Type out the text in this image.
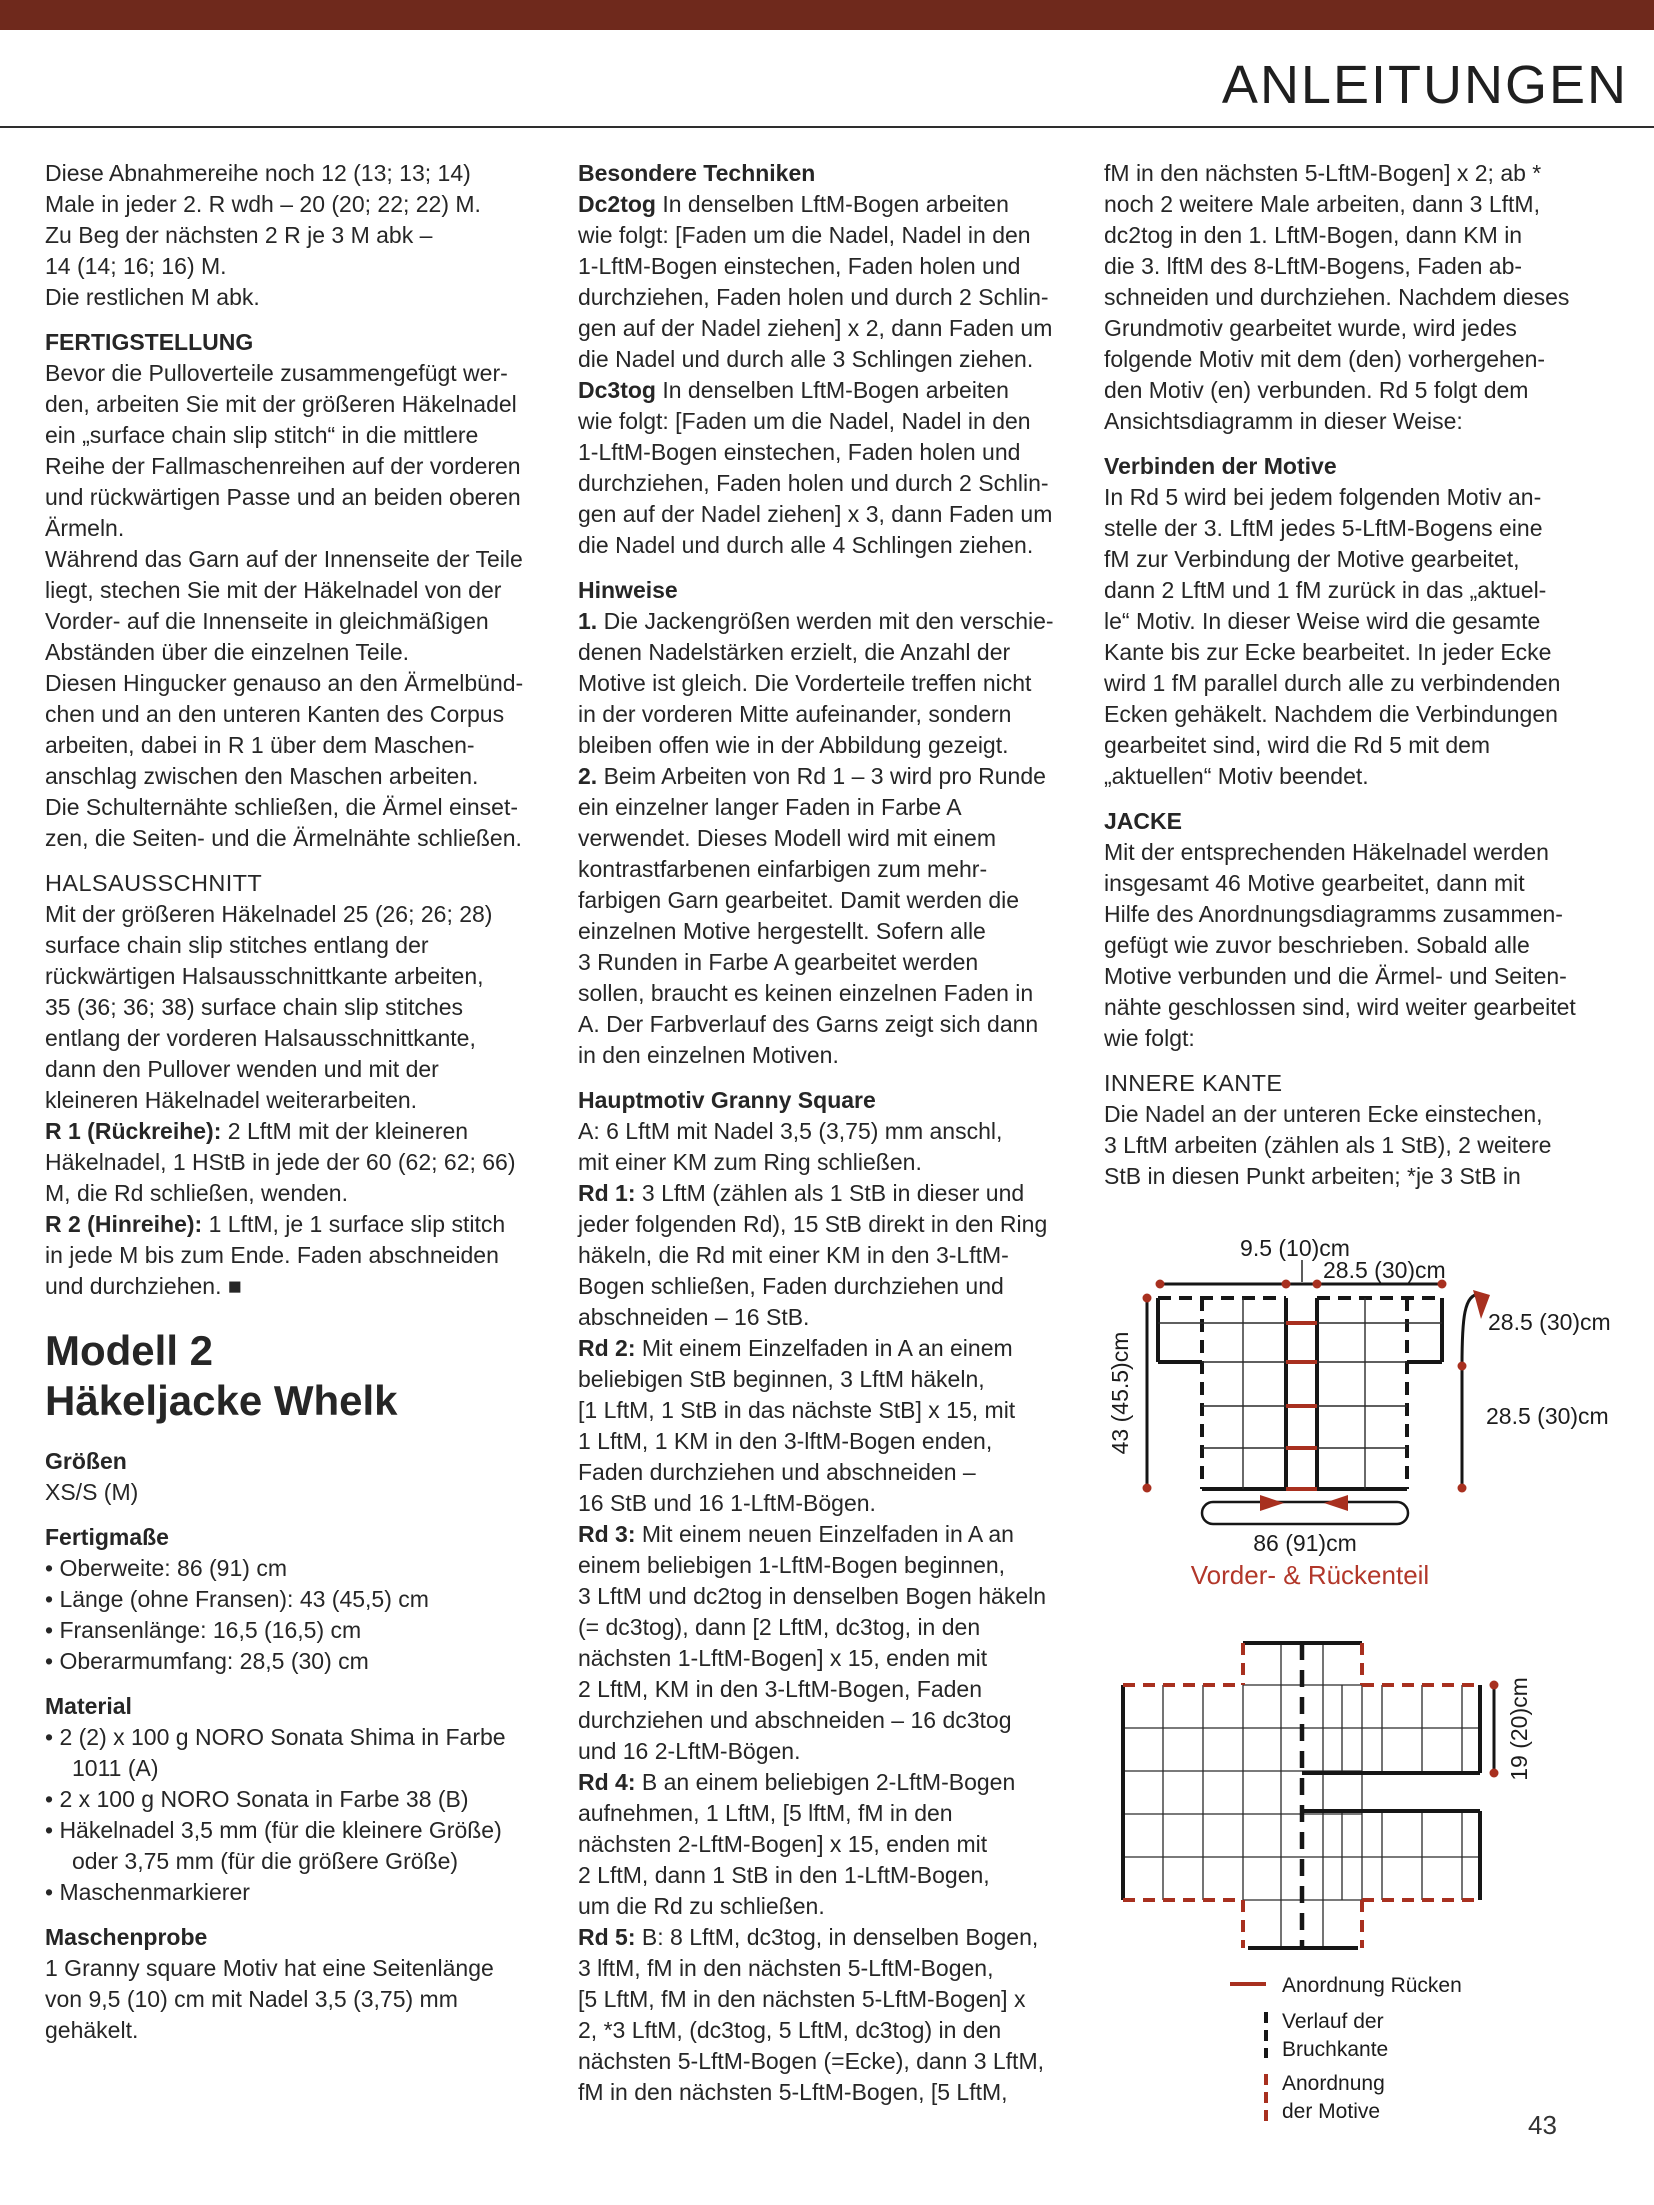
ANLEITUNGEN
Diese Abnahmereihe noch 12 (13; 13; 14)
Male in jeder 2. R wdh – 20 (20; 22; 22) M.
Zu Beg der nächsten 2 R je 3 M abk –
14 (14; 16; 16) M.
Die restlichen M abk.
FERTIGSTELLUNG
Bevor die Pulloverteile zusammengefügt wer-
den, arbeiten Sie mit der größeren Häkelnadel
ein „surface chain slip stitch“ in die mittlere
Reihe der Fallmaschenreihen auf der vorderen
und rückwärtigen Passe und an beiden oberen
Ärmeln.
Während das Garn auf der Innenseite der Teile
liegt, stechen Sie mit der Häkelnadel von der
Vorder- auf die Innenseite in gleichmäßigen
Abständen über die einzelnen Teile.
Diesen Hingucker genauso an den Ärmelbünd-
chen und an den unteren Kanten des Corpus
arbeiten, dabei in R 1 über dem Maschen-
anschlag zwischen den Maschen arbeiten.
Die Schulternähte schließen, die Ärmel einset-
zen, die Seiten- und die Ärmelnähte schließen.
HALSAUSSCHNITT
Mit der größeren Häkelnadel 25 (26; 26; 28)
surface chain slip stitches entlang der
rückwärtigen Halsausschnittkante arbeiten,
35 (36; 36; 38) surface chain slip stitches
entlang der vorderen Halsausschnittkante,
dann den Pullover wenden und mit der
kleineren Häkelnadel weiterarbeiten.
R 1 (Rückreihe): 2 LftM mit der kleineren
Häkelnadel, 1 HStB in jede der 60 (62; 62; 66)
M, die Rd schließen, wenden.
R 2 (Hinreihe): 1 LftM, je 1 surface slip stitch
in jede M bis zum Ende. Faden abschneiden
und durchziehen. ■
Modell 2
Häkeljacke Whelk
Größen
XS/S (M)
Fertigmaße
• Oberweite: 86 (91) cm
• Länge (ohne Fransen): 43 (45,5) cm
• Fransenlänge: 16,5 (16,5) cm
• Oberarmumfang: 28,5 (30) cm
Material
• 2 (2) x 100 g NORO Sonata Shima in Farbe
1011 (A)
• 2 x 100 g NORO Sonata in Farbe 38 (B)
• Häkelnadel 3,5 mm (für die kleinere Größe)
oder 3,75 mm (für die größere Größe)
• Maschenmarkierer
Maschenprobe
1 Granny square Motiv hat eine Seitenlänge
von 9,5 (10) cm mit Nadel 3,5 (3,75) mm
gehäkelt.
Besondere Techniken
Dc2tog In denselben LftM-Bogen arbeiten
wie folgt: [Faden um die Nadel, Nadel in den
1-LftM-Bogen einstechen, Faden holen und
durchziehen, Faden holen und durch 2 Schlin-
gen auf der Nadel ziehen] x 2, dann Faden um
die Nadel und durch alle 3 Schlingen ziehen.
Dc3tog In denselben LftM-Bogen arbeiten
wie folgt: [Faden um die Nadel, Nadel in den
1-LftM-Bogen einstechen, Faden holen und
durchziehen, Faden holen und durch 2 Schlin-
gen auf der Nadel ziehen] x 3, dann Faden um
die Nadel und durch alle 4 Schlingen ziehen.
Hinweise
1. Die Jackengrößen werden mit den verschie-
denen Nadelstärken erzielt, die Anzahl der
Motive ist gleich. Die Vorderteile treffen nicht
in der vorderen Mitte aufeinander, sondern
bleiben offen wie in der Abbildung gezeigt.
2. Beim Arbeiten von Rd 1 – 3 wird pro Runde
ein einzelner langer Faden in Farbe A
verwendet. Dieses Modell wird mit einem
kontrastfarbenen einfarbigen zum mehr-
farbigen Garn gearbeitet. Damit werden die
einzelnen Motive hergestellt. Sofern alle
3 Runden in Farbe A gearbeitet werden
sollen, braucht es keinen einzelnen Faden in
A. Der Farbverlauf des Garns zeigt sich dann
in den einzelnen Motiven.
Hauptmotiv Granny Square
A: 6 LftM mit Nadel 3,5 (3,75) mm anschl,
mit einer KM zum Ring schließen.
Rd 1: 3 LftM (zählen als 1 StB in dieser und
jeder folgenden Rd), 15 StB direkt in den Ring
häkeln, die Rd mit einer KM in den 3-LftM-
Bogen schließen, Faden durchziehen und
abschneiden – 16 StB.
Rd 2: Mit einem Einzelfaden in A an einem
beliebigen StB beginnen, 3 LftM häkeln,
[1 LftM, 1 StB in das nächste StB] x 15, mit
1 LftM, 1 KM in den 3-lftM-Bogen enden,
Faden durchziehen und abschneiden –
16 StB und 16 1-LftM-Bögen.
Rd 3: Mit einem neuen Einzelfaden in A an
einem beliebigen 1-LftM-Bogen beginnen,
3 LftM und dc2tog in denselben Bogen häkeln
(= dc3tog), dann [2 LftM, dc3tog, in den
nächsten 1-LftM-Bogen] x 15, enden mit
2 LftM, KM in den 3-LftM-Bogen, Faden
durchziehen und abschneiden – 16 dc3tog
und 16 2-LftM-Bögen.
Rd 4: B an einem beliebigen 2-LftM-Bogen
aufnehmen, 1 LftM, [5 lftM, fM in den
nächsten 2-LftM-Bogen] x 15, enden mit
2 LftM, dann 1 StB in den 1-LftM-Bogen,
um die Rd zu schließen.
Rd 5: B: 8 LftM, dc3tog, in denselben Bogen,
3 lftM, fM in den nächsten 5-LftM-Bogen,
[5 LftM, fM in den nächsten 5-LftM-Bogen] x
2, *3 LftM, (dc3tog, 5 LftM, dc3tog) in den
nächsten 5-LftM-Bogen (=Ecke), dann 3 LftM,
fM in den nächsten 5-LftM-Bogen, [5 LftM,
fM in den nächsten 5-LftM-Bogen] x 2; ab *
noch 2 weitere Male arbeiten, dann 3 LftM,
dc2tog in den 1. LftM-Bogen, dann KM in
die 3. lftM des 8-LftM-Bogens, Faden ab-
schneiden und durchziehen. Nachdem dieses
Grundmotiv gearbeitet wurde, wird jedes
folgende Motiv mit dem (den) vorhergehen-
den Motiv (en) verbunden. Rd 5 folgt dem
Ansichtsdiagramm in dieser Weise:
Verbinden der Motive
In Rd 5 wird bei jedem folgenden Motiv an-
stelle der 3. LftM jedes 5-LftM-Bogens eine
fM zur Verbindung der Motive gearbeitet,
dann 2 LftM und 1 fM zurück in das „aktuel-
le“ Motiv. In dieser Weise wird die gesamte
Kante bis zur Ecke bearbeitet. In jeder Ecke
wird 1 fM parallel durch alle zu verbindenden
Ecken gehäkelt. Nachdem die Verbindungen
gearbeitet sind, wird die Rd 5 mit dem
„aktuellen“ Motiv beendet.
JACKE
Mit der entsprechenden Häkelnadel werden
insgesamt 46 Motive gearbeitet, dann mit
Hilfe des Anordnungsdiagramms zusammen-
gefügt wie zuvor beschrieben. Sobald alle
Motive verbunden und die Ärmel- und Seiten-
nähte geschlossen sind, wird weiter gearbeitet
wie folgt:
INNERE KANTE
Die Nadel an der unteren Ecke einstechen,
3 LftM arbeiten (zählen als 1 StB), 2 weitere
StB in diesen Punkt arbeiten; *je 3 StB in
9.5 (10)cm
28.5 (30)cm
28.5 (30)cm
28.5 (30)cm
43 (45.5)cm
86 (91)cm
Vorder- & Rückenteil
19 (20)cm
Anordnung Rücken
Verlauf der
Bruchkante
Anordnung
der Motive	43
